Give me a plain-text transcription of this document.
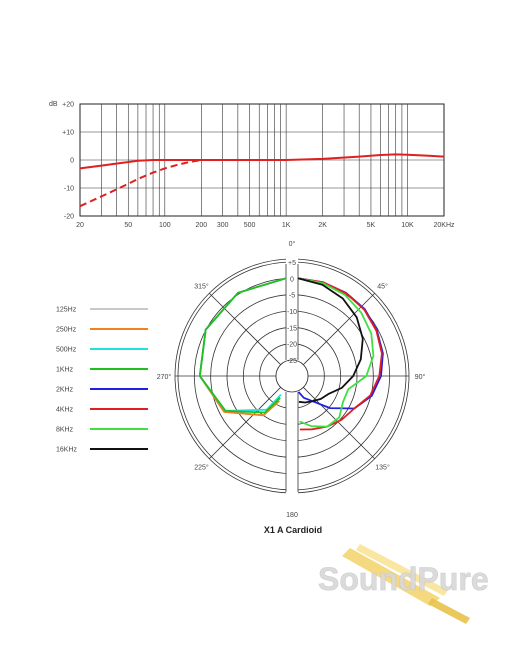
dB +20
+10
0
-10
-20
20	50	100	200 300 500	1K	2K	5K	10K	20KHz
+5
0
-5
-10
-15
-20
-25
0°
45°
90°
135°
180
225°
270°
315°
125Hz
250Hz
500Hz
1KHz
2KHz
4KHz
8KHz
16KHz
X1 A Cardioid
SoundPure
